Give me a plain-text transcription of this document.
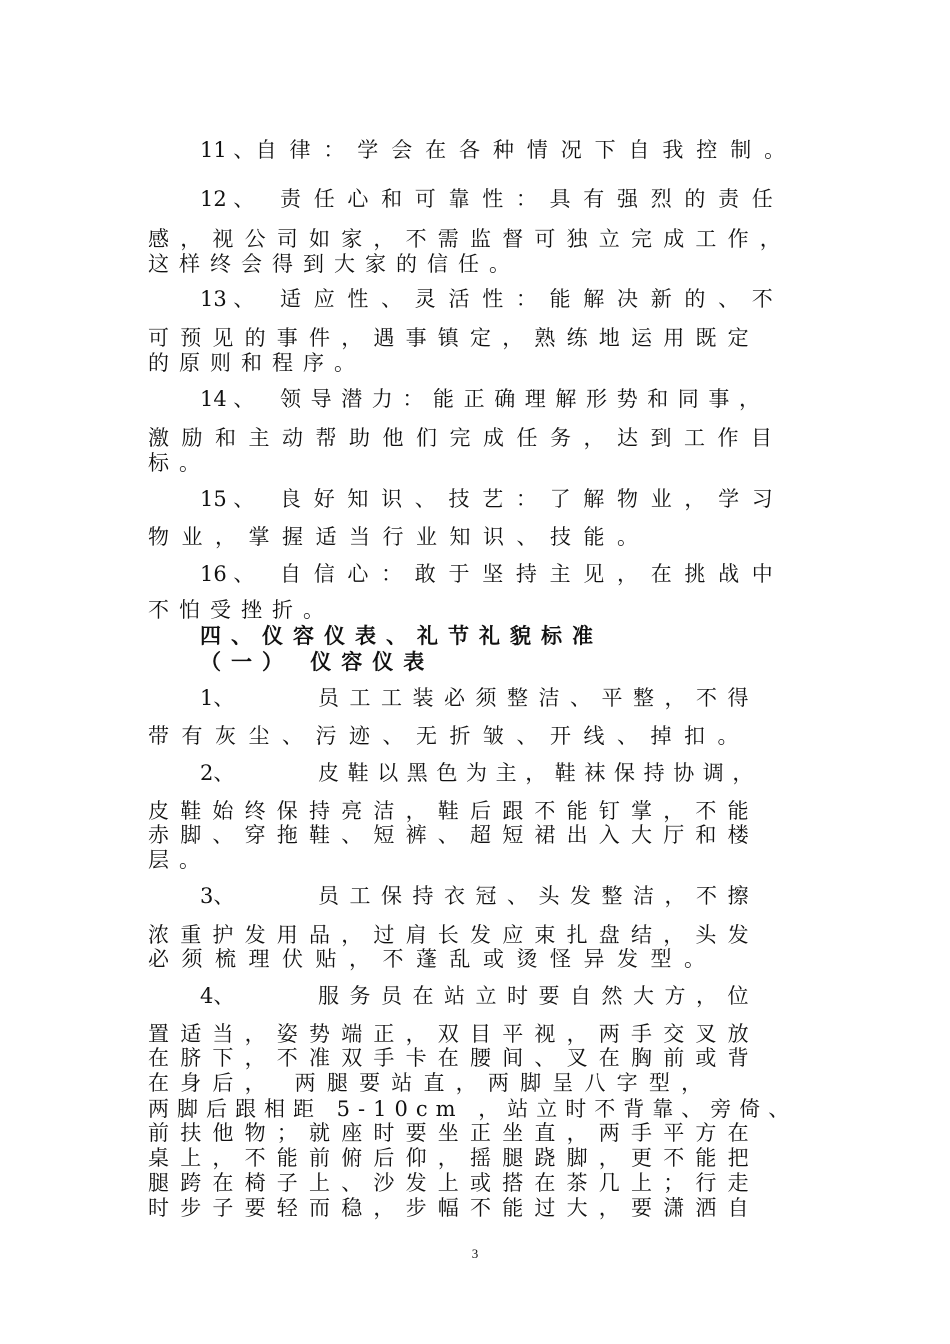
11 、 自律：学会在各种情况下自我控制。
12 、	责任心和可靠性：具有强烈的责任
感，视公司如家，不需监督可独立完成工作，
这样终会得到大家的信任。
13 、	适应性、灵活性：能解决新的、不
可预见的事件，遇事镇定，熟练地运用既定
的原则和程序。
14 、	领导潜力：能正确理解形势和同事，
激励和主动帮助他们完成任务，达到工作目
标。
15 、	良好知识、技艺：了解物业，学习
物业，掌握适当行业知识、技能。
16 、	自信心：敢于坚持主见，在挑战中
不怕受挫折。
四、仪容仪表、礼节礼貌标准
（一） 仪容仪表
1、	员工工装必须整洁、平整，不得
带有灰尘、污迹、无折皱、开线、掉扣。
2、	皮鞋以黑色为主，鞋袜保持协调，
皮鞋始终保持亮洁，鞋后跟不能钉掌，不能
赤脚、穿拖鞋、短裤、超短裙出入大厅和楼
层。
3、	员工保持衣冠、头发整洁，不擦
浓重护发用品，过肩长发应束扎盘结，头发
必须梳理伏贴，不蓬乱或烫怪异发型。
4、	服务员在站立时要自然大方，位
置适当，姿势端正，双目平视，两手交叉放
在脐下，不准双手卡在腰间、叉在胸前或背
在身后， 两腿要站直，两脚呈八字型，
两脚后跟相距 5-10cm ，站立时不背靠、旁倚、
前扶他物；就座时要坐正坐直，两手平方在
桌上，不能前俯后仰，摇腿跷脚，更不能把
腿跨在椅子上、沙发上或搭在茶几上；行走
时步子要轻而稳，步幅不能过大，要潇洒自
3
